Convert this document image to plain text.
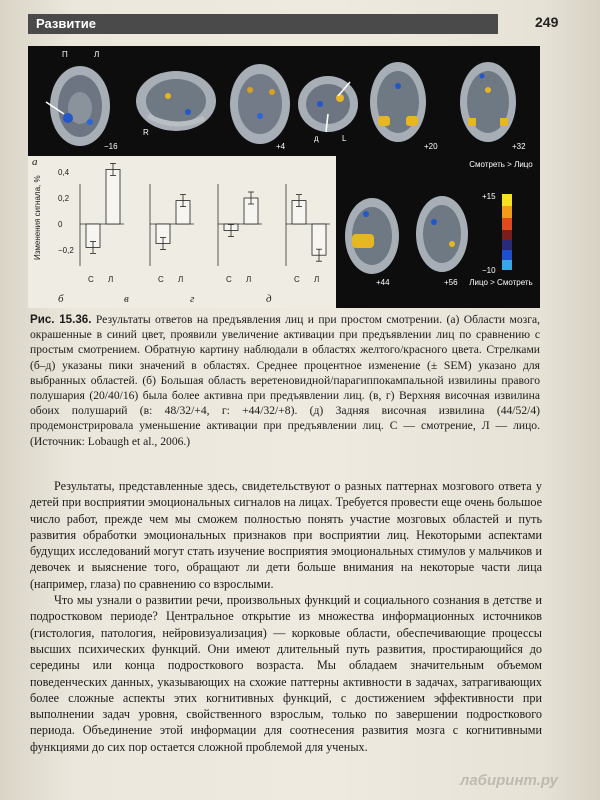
Развитие	249
П	Л
−16
R
+4
д	L
+20	+32
Смотреть > Лицо
+15
−10
Лицо > Смотреть
+44	+56
а
Изменения сигнала, %
0,4
0,2
0
−0,2
С Л
б
С Л
в
С Л
г
С Л
д
Рис. 15.36. Результаты ответов на предъявления лиц и при простом смотрении. (а) Области мозга, окрашенные в синий цвет, проявили увеличение активации при предъявлении лиц по сравнению с простым смотрением. Обратную картину наблюдали в областях желтого/красного цвета. Стрелками (б–д) указаны пики значений в областях. Среднее процентное изменение (± SEM) указано для выбранных областей. (б) Большая область веретеновидной/парагиппокампальной извилины правого полушария (20/40/16) была более активна при предъявлении лиц. (в, г) Верхняя височная извилина обоих полушарий (в: 48/32/+4, г: +44/32/+8). (д) Задняя височная извилина (44/52/4) продемонстрировала уменьшение активации при предъявлении лиц. С — смотрение, Л — лицо. (Источник: Lobaugh et al., 2006.)

Результаты, представленные здесь, свидетельствуют о разных паттернах мозгового ответа у детей при восприятии эмоциональных сигналов на лицах. Требуется провести еще очень большое число работ, прежде чем мы сможем полностью понять участие мозговых областей и путь развития обработки эмоциональных признаков при восприятии лиц. Некоторыми аспектами будущих исследований могут стать изучение восприятия эмоциональных стимулов у мальчиков и девочек и выяснение того, обращают ли дети больше внимания на некоторые части лица (например, глаза) по сравнению со взрослыми.

Что мы узнали о развитии речи, произвольных функций и социального сознания в детстве и подростковом периоде? Центральное открытие из множества информационных источников (гистология, патология, нейровизуализация) — корковые области, обеспечивающие процессы высших психических функций. Они имеют длительный путь развития, простирающийся до середины или конца подросткового возраста. Мы обладаем значительным объемом поведенческих данных, указывающих на схожие паттерны активности в задачах, затрагивающих более сложные аспекты этих когнитивных функций, с достижением эффективности при выполнении задач уровня, свойственного взрослым, только по завершении подросткового периода. Объединение этой информации для соотнесения развития мозга с когнитивными функциями до сих пор остается сложной проблемой для ученых.

лабиринт.ру
